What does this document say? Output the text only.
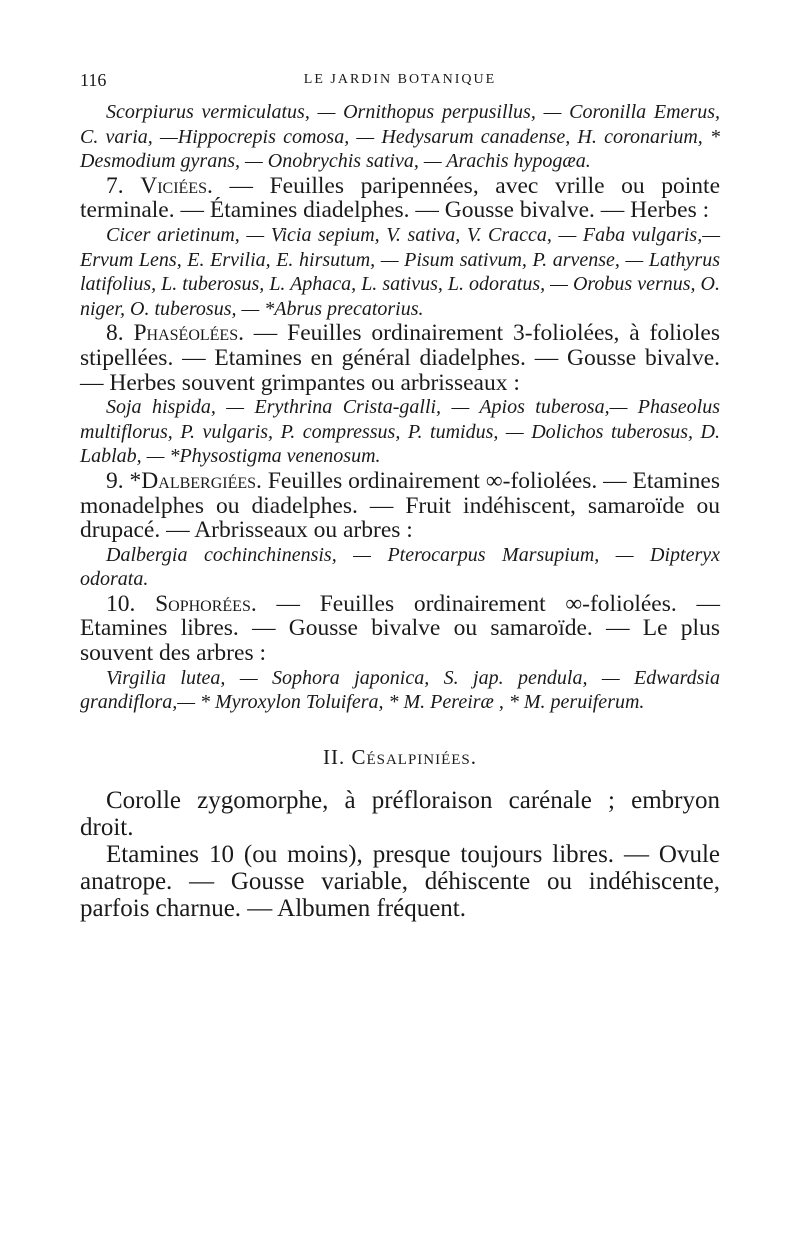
116	LE JARDIN BOTANIQUE

Scorpiurus vermiculatus, — Ornithopus perpusillus, — Coronilla Emerus, C. varia, —Hippocrepis comosa, — Hedysarum canadense, H. coronarium, * Desmodium gyrans, — Onobrychis sativa, — Arachis hypogæa.

7. Viciées. — Feuilles paripennées, avec vrille ou pointe terminale. — Étamines diadelphes. — Gousse bivalve. — Herbes :

Cicer arietinum, — Vicia sepium, V. sativa, V. Cracca, — Faba vulgaris,— Ervum Lens, E. Ervilia, E. hirsutum, — Pisum sativum, P. arvense, — Lathyrus latifolius, L. tuberosus, L. Aphaca, L. sativus, L. odoratus, — Orobus vernus, O. niger, O. tuberosus, — *Abrus precatorius.

8. Phaséolées. — Feuilles ordinairement 3-foliolées, à folioles stipellées. — Etamines en général diadelphes. — Gousse bivalve. — Herbes souvent grimpantes ou arbrisseaux :

Soja hispida, — Erythrina Crista-galli, — Apios tuberosa,— Phaseolus multiflorus, P. vulgaris, P. compressus, P. tumidus, — Dolichos tuberosus, D. Lablab, — *Physostigma venenosum.

9. *Dalbergiées. Feuilles ordinairement ∞-foliolées. — Etamines monadelphes ou diadelphes. — Fruit indéhiscent, samaroïde ou drupacé. — Arbrisseaux ou arbres :

Dalbergia cochinchinensis, — Pterocarpus Marsupium, — Dipteryx odorata.

10. Sophorées. — Feuilles ordinairement ∞-foliolées. — Etamines libres. — Gousse bivalve ou samaroïde. — Le plus souvent des arbres :

Virgilia lutea, — Sophora japonica, S. jap. pendula, — Edwardsia grandiflora,— * Myroxylon Toluifera, * M. Pereiræ , * M. peruiferum.

II. Césalpiniées.

Corolle zygomorphe, à préfloraison carénale ; embryon droit.

Etamines 10 (ou moins), presque toujours libres. — Ovule anatrope. — Gousse variable, déhiscente ou indéhiscente, parfois charnue. — Albumen fréquent.
